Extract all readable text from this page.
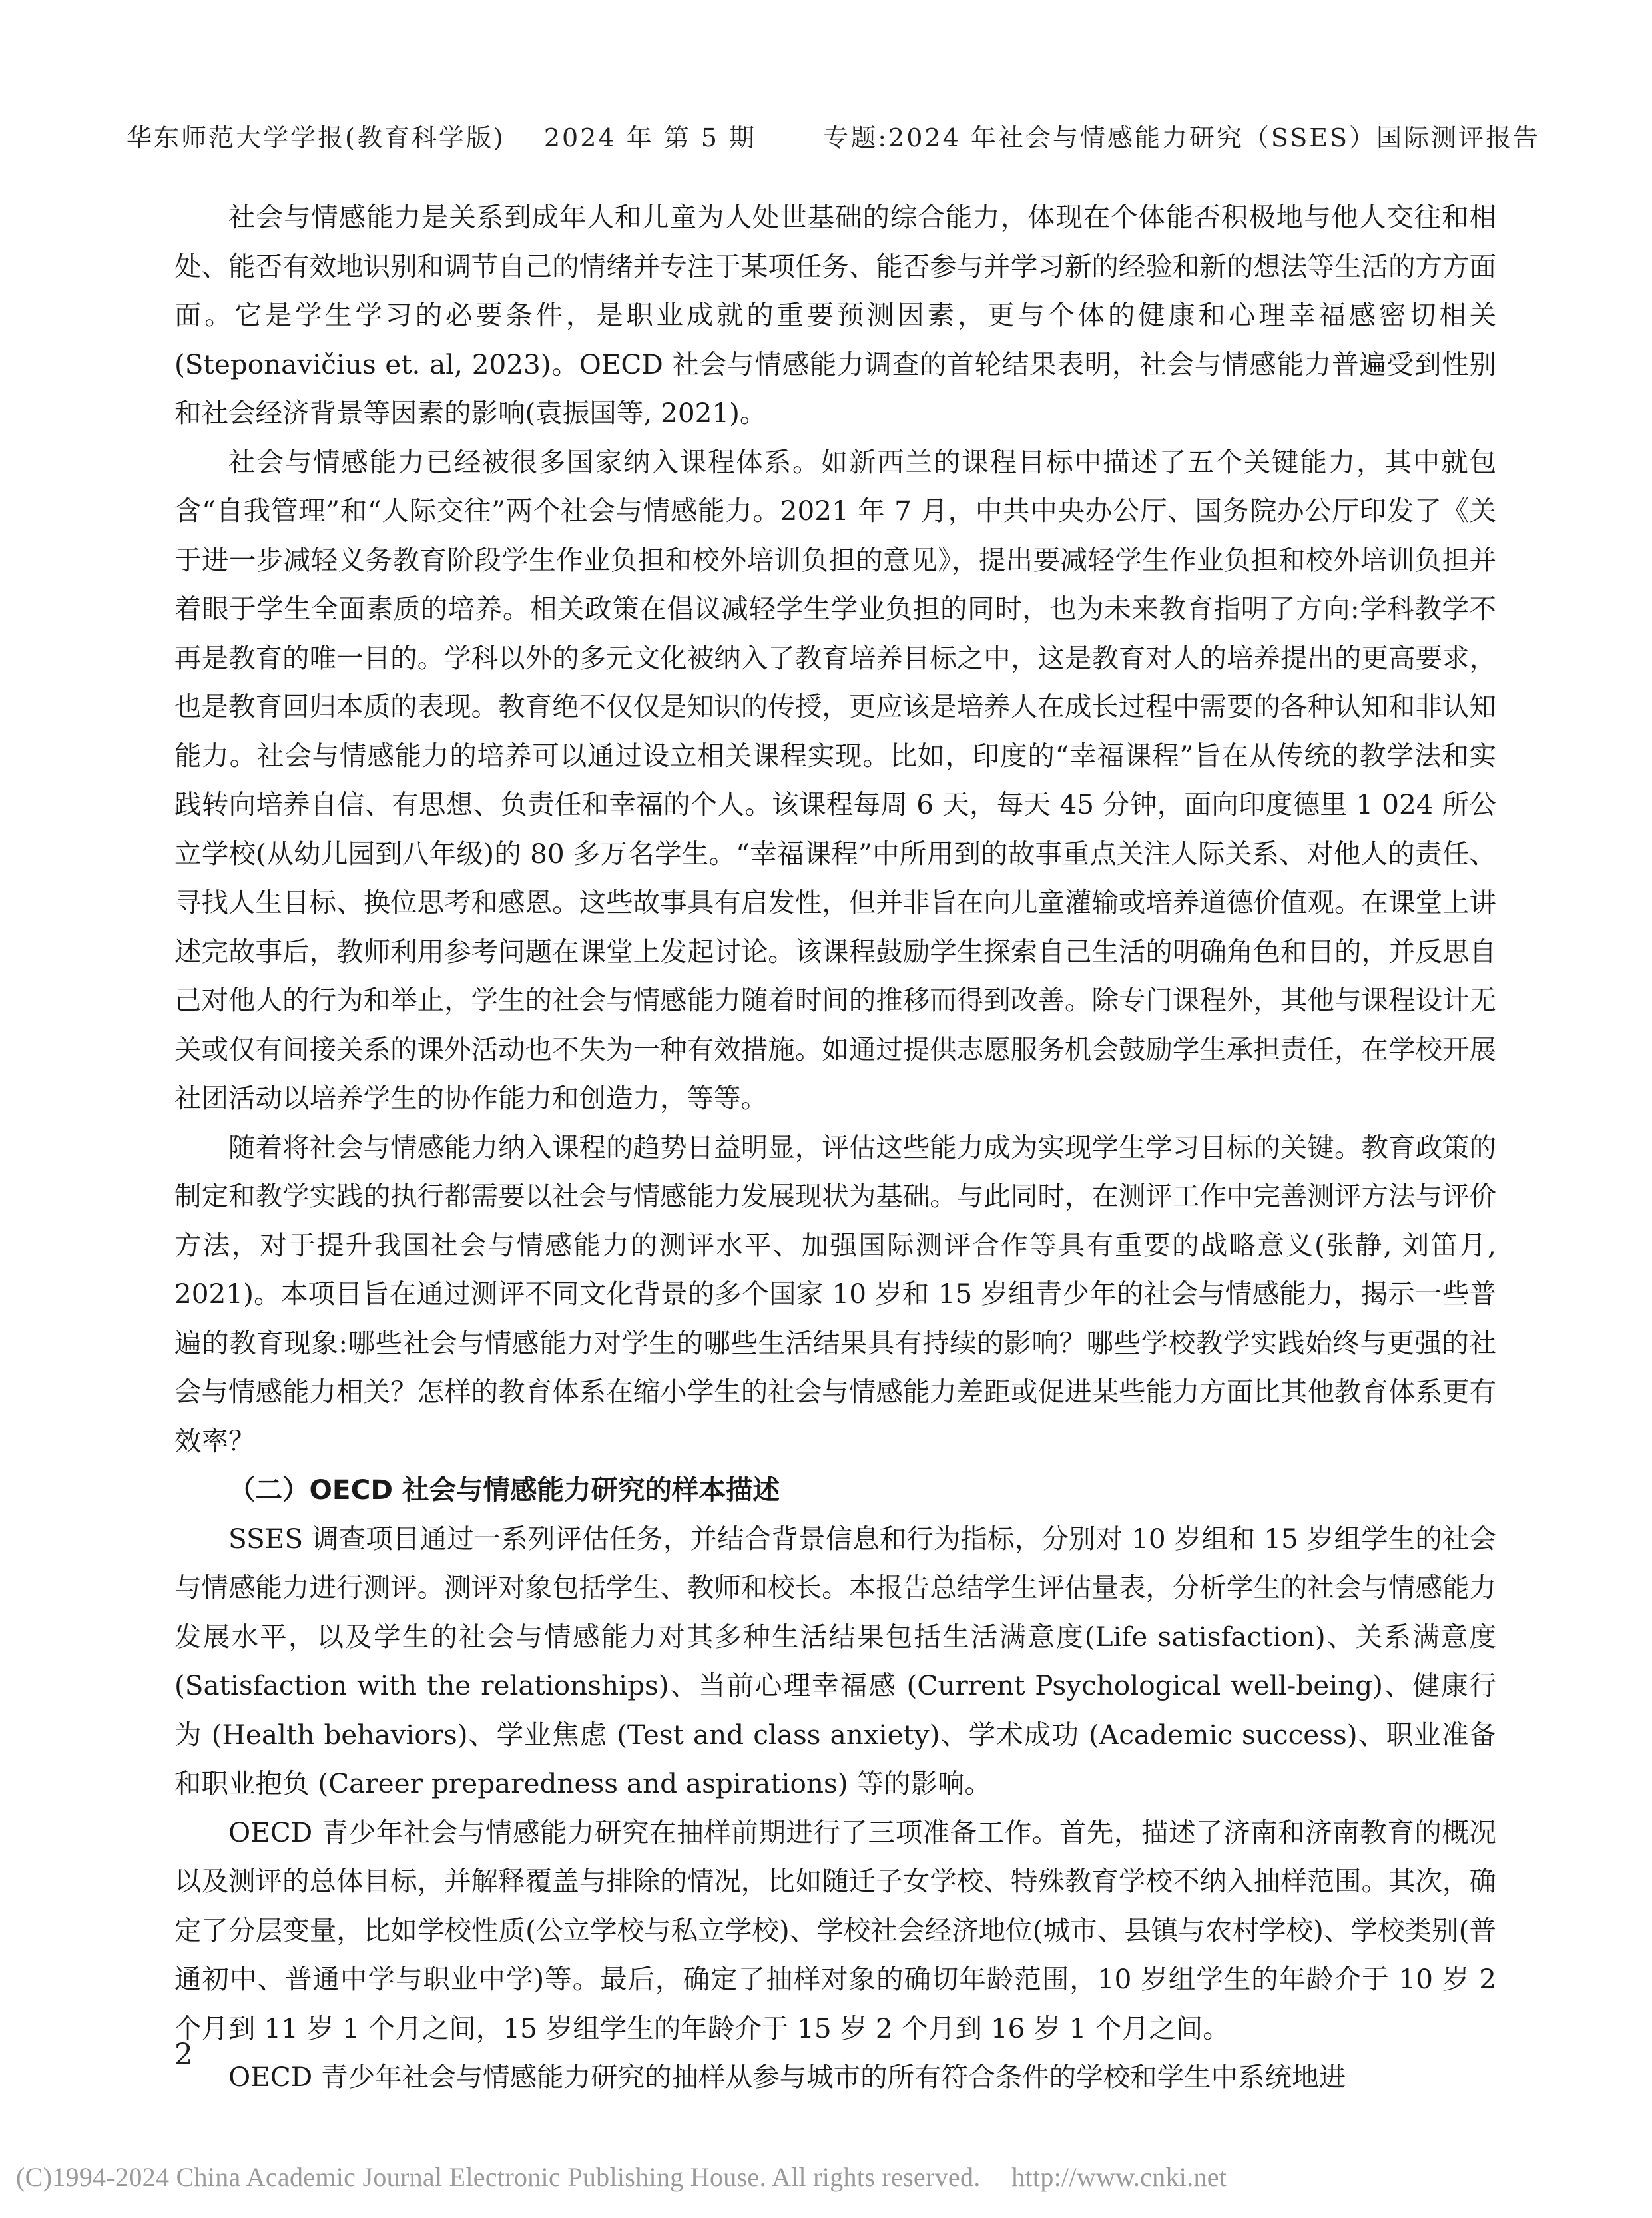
华东师范大学学报(教育科学版) 2024 年 第 5 期	专题:2024 年社会与情感能力研究（SSES）国际测评报告

社会与情感能力是关系到成年人和儿童为人处世基础的综合能力，体现在个体能否积极地与他人交往和相处、能否有效地识别和调节自己的情绪并专注于某项任务、能否参与并学习新的经验和新的想法等生活的方方面面。它是学生学习的必要条件，是职业成就的重要预测因素，更与个体的健康和心理幸福感密切相关(Steponavičius et. al, 2023)。OECD 社会与情感能力调查的首轮结果表明，社会与情感能力普遍受到性别和社会经济背景等因素的影响(袁振国等, 2021)。

社会与情感能力已经被很多国家纳入课程体系。如新西兰的课程目标中描述了五个关键能力，其中就包含“自我管理”和“人际交往”两个社会与情感能力。2021 年 7 月，中共中央办公厅、国务院办公厅印发了《关于进一步减轻义务教育阶段学生作业负担和校外培训负担的意见》，提出要减轻学生作业负担和校外培训负担并着眼于学生全面素质的培养。相关政策在倡议减轻学生学业负担的同时，也为未来教育指明了方向:学科教学不再是教育的唯一目的。学科以外的多元文化被纳入了教育培养目标之中，这是教育对人的培养提出的更高要求，也是教育回归本质的表现。教育绝不仅仅是知识的传授，更应该是培养人在成长过程中需要的各种认知和非认知能力。社会与情感能力的培养可以通过设立相关课程实现。比如，印度的“幸福课程”旨在从传统的教学法和实践转向培养自信、有思想、负责任和幸福的个人。该课程每周 6 天，每天 45 分钟，面向印度德里 1 024 所公立学校(从幼儿园到八年级)的 80 多万名学生。“幸福课程”中所用到的故事重点关注人际关系、对他人的责任、寻找人生目标、换位思考和感恩。这些故事具有启发性，但并非旨在向儿童灌输或培养道德价值观。在课堂上讲述完故事后，教师利用参考问题在课堂上发起讨论。该课程鼓励学生探索自己生活的明确角色和目的，并反思自己对他人的行为和举止，学生的社会与情感能力随着时间的推移而得到改善。除专门课程外，其他与课程设计无关或仅有间接关系的课外活动也不失为一种有效措施。如通过提供志愿服务机会鼓励学生承担责任，在学校开展社团活动以培养学生的协作能力和创造力，等等。

随着将社会与情感能力纳入课程的趋势日益明显，评估这些能力成为实现学生学习目标的关键。教育政策的制定和教学实践的执行都需要以社会与情感能力发展现状为基础。与此同时，在测评工作中完善测评方法与评价方法，对于提升我国社会与情感能力的测评水平、加强国际测评合作等具有重要的战略意义(张静, 刘笛月, 2021)。本项目旨在通过测评不同文化背景的多个国家 10 岁和 15 岁组青少年的社会与情感能力，揭示一些普遍的教育现象:哪些社会与情感能力对学生的哪些生活结果具有持续的影响？哪些学校教学实践始终与更强的社会与情感能力相关？怎样的教育体系在缩小学生的社会与情感能力差距或促进某些能力方面比其他教育体系更有效率？

（二）OECD 社会与情感能力研究的样本描述

SSES 调查项目通过一系列评估任务，并结合背景信息和行为指标，分别对 10 岁组和 15 岁组学生的社会与情感能力进行测评。测评对象包括学生、教师和校长。本报告总结学生评估量表，分析学生的社会与情感能力发展水平，以及学生的社会与情感能力对其多种生活结果包括生活满意度(Life satisfaction)、关系满意度 (Satisfaction with the relationships)、当前心理幸福感 (Current Psychological well-being)、健康行为 (Health behaviors)、学业焦虑 (Test and class anxiety)、学术成功 (Academic success)、职业准备和职业抱负 (Career preparedness and aspirations) 等的影响。

OECD 青少年社会与情感能力研究在抽样前期进行了三项准备工作。首先，描述了济南和济南教育的概况以及测评的总体目标，并解释覆盖与排除的情况，比如随迁子女学校、特殊教育学校不纳入抽样范围。其次，确定了分层变量，比如学校性质(公立学校与私立学校)、学校社会经济地位(城市、县镇与农村学校)、学校类别(普通初中、普通中学与职业中学)等。最后，确定了抽样对象的确切年龄范围，10 岁组学生的年龄介于 10 岁 2 个月到 11 岁 1 个月之间，15 岁组学生的年龄介于 15 岁 2 个月到 16 岁 1 个月之间。

OECD 青少年社会与情感能力研究的抽样从参与城市的所有符合条件的学校和学生中系统地进

2
(C)1994-2024 China Academic Journal Electronic Publishing House. All rights reserved. http://www.cnki.net
